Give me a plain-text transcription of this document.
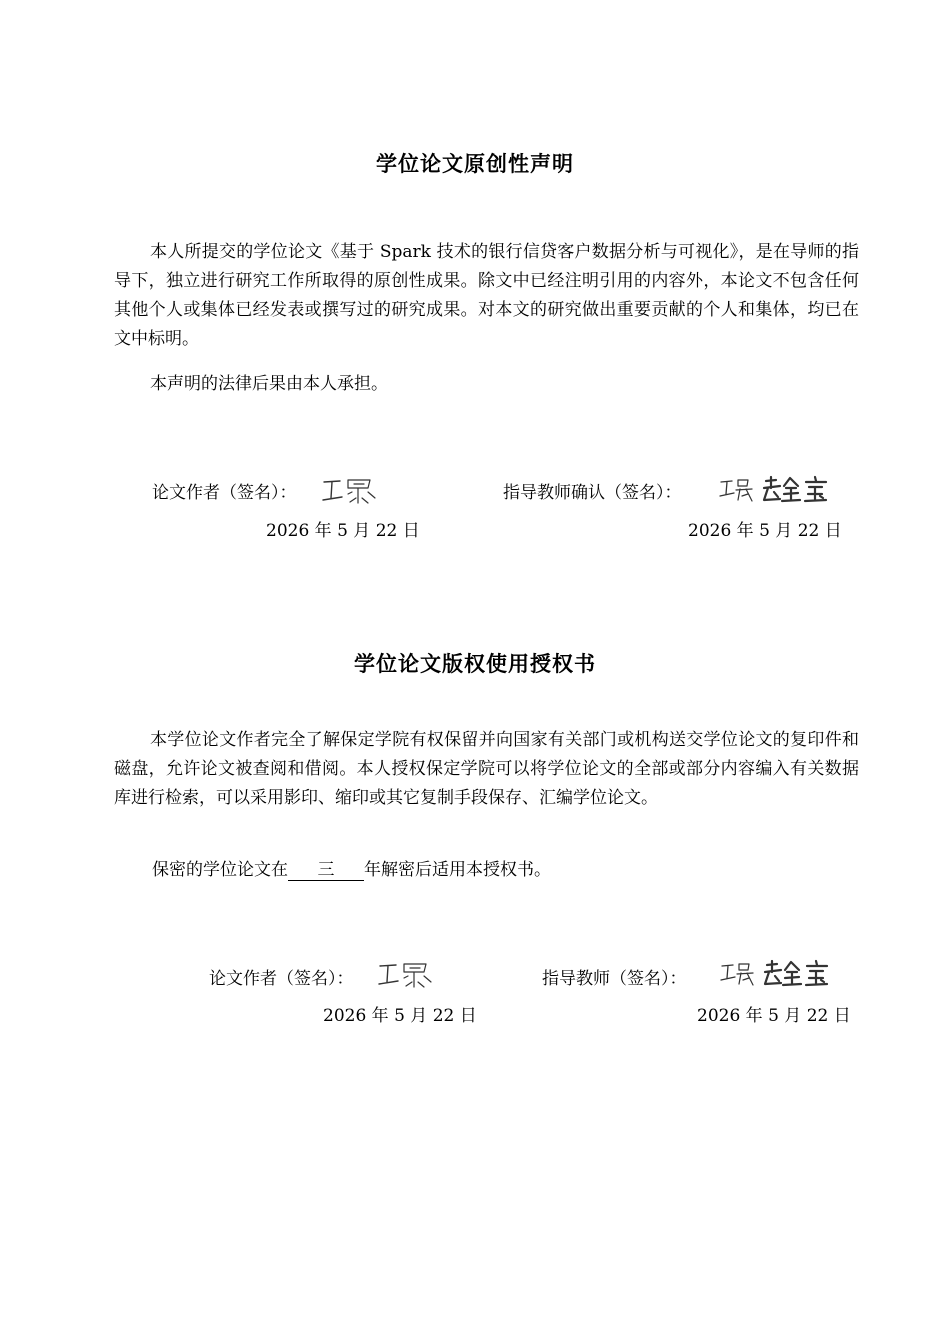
学位论文原创性声明

本人所提交的学位论文《基于 Spark 技术的银行信贷客户数据分析与可视化》，是在导师的指导下，独立进行研究工作所取得的原创性成果。除文中已经注明引用的内容外，本论文不包含任何其他个人或集体已经发表或撰写过的研究成果。对本文的研究做出重要贡献的个人和集体，均已在文中标明。

本声明的法律后果由本人承担。

论文作者（签名）：	指导教师确认（签名）：
2026 年 5 月 22 日	2026 年 5 月 22 日
学位论文版权使用授权书

本学位论文作者完全了解保定学院有权保留并向国家有关部门或机构送交学位论文的复印件和磁盘，允许论文被查阅和借阅。本人授权保定学院可以将学位论文的全部或部分内容编入有关数据库进行检索，可以采用影印、缩印或其它复制手段保存、汇编学位论文。

保密的学位论文在 三 年解密后适用本授权书。
论文作者（签名）：	指导教师（签名）：
2026 年 5 月 22 日	2026 年 5 月 22 日
